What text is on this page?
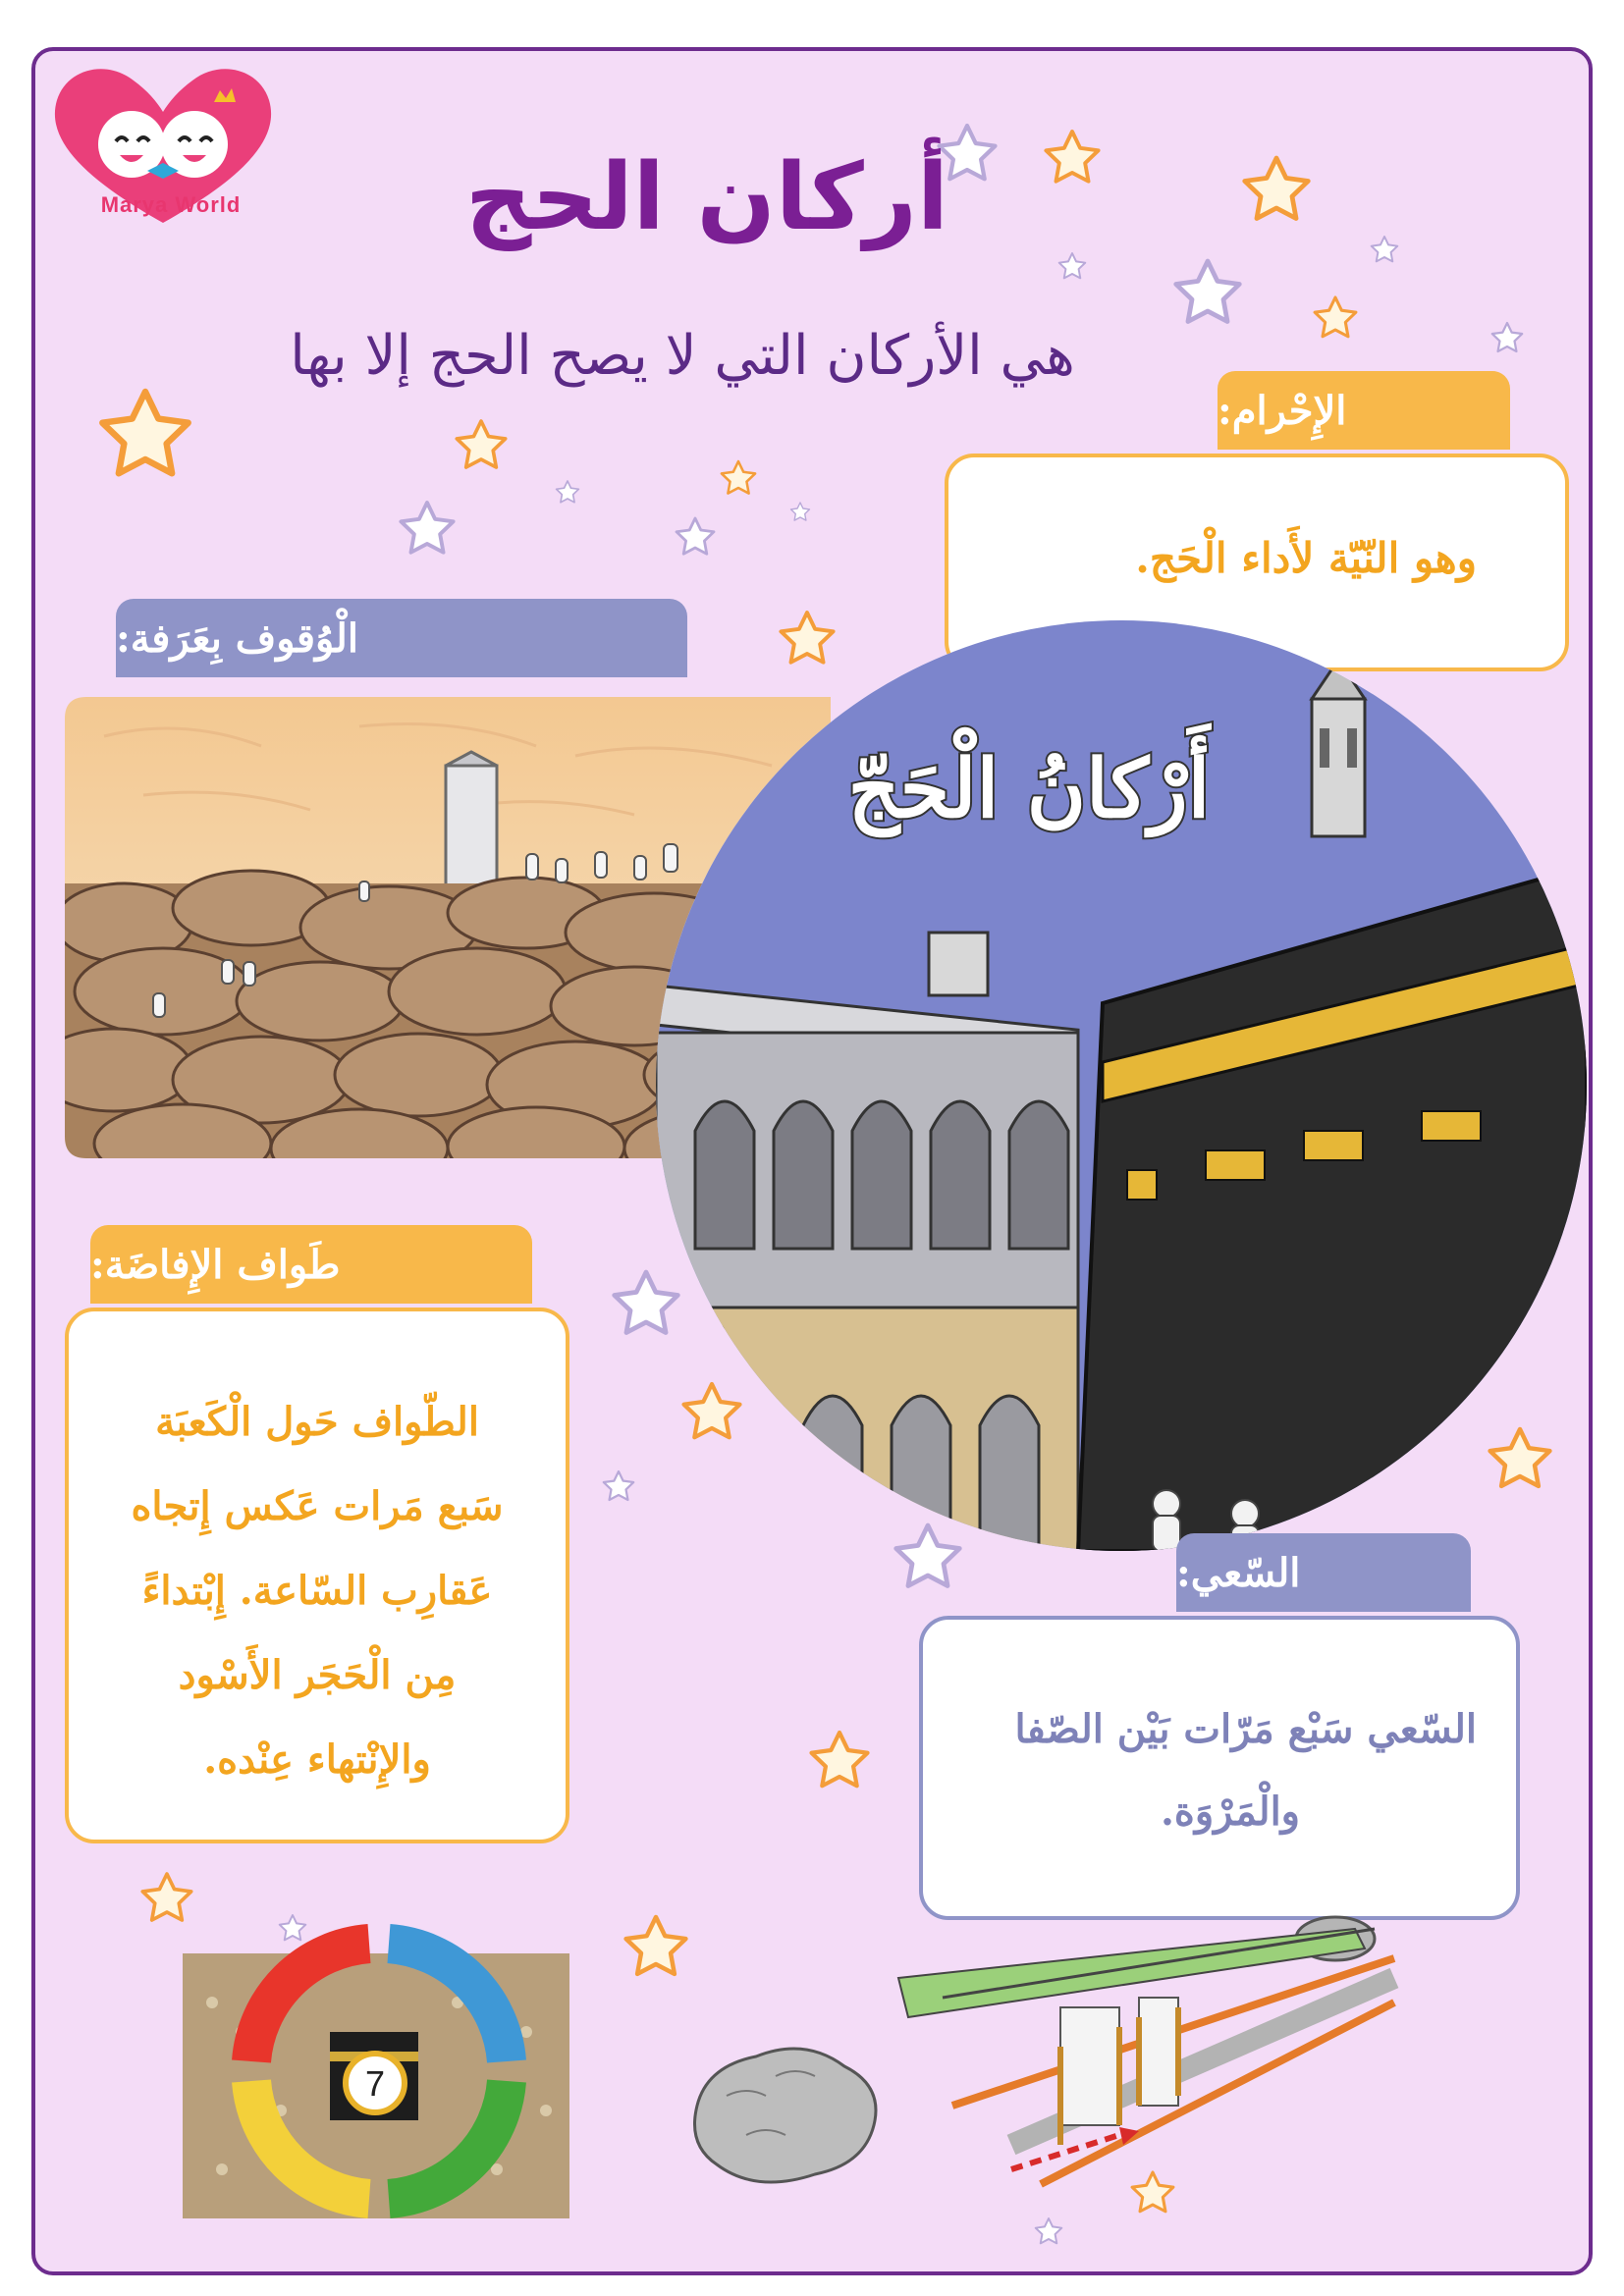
Marya World	أركان الحج
هي الأركان التي لا يصح الحج إلا بها
الإِحْرام:
وهو النّيّة لأَداء الْحَج.
الْوُقوف بِعَرَفة:
أَرْكانُ الْحَجّ
طَواف الإِفاضَة:
الطّواف حَول الْكَعبَة
سَبع مَرات عَكس إِتجاه
عَقارِب السّاعة. إِبْتداءً
مِن الْحَجَر الأَسْود
والإِنْتهاء عِنْده.
السّعي:
السّعي سَبْع مَرّات بَيْن الصّفا
والْمَرْوَة.
7
